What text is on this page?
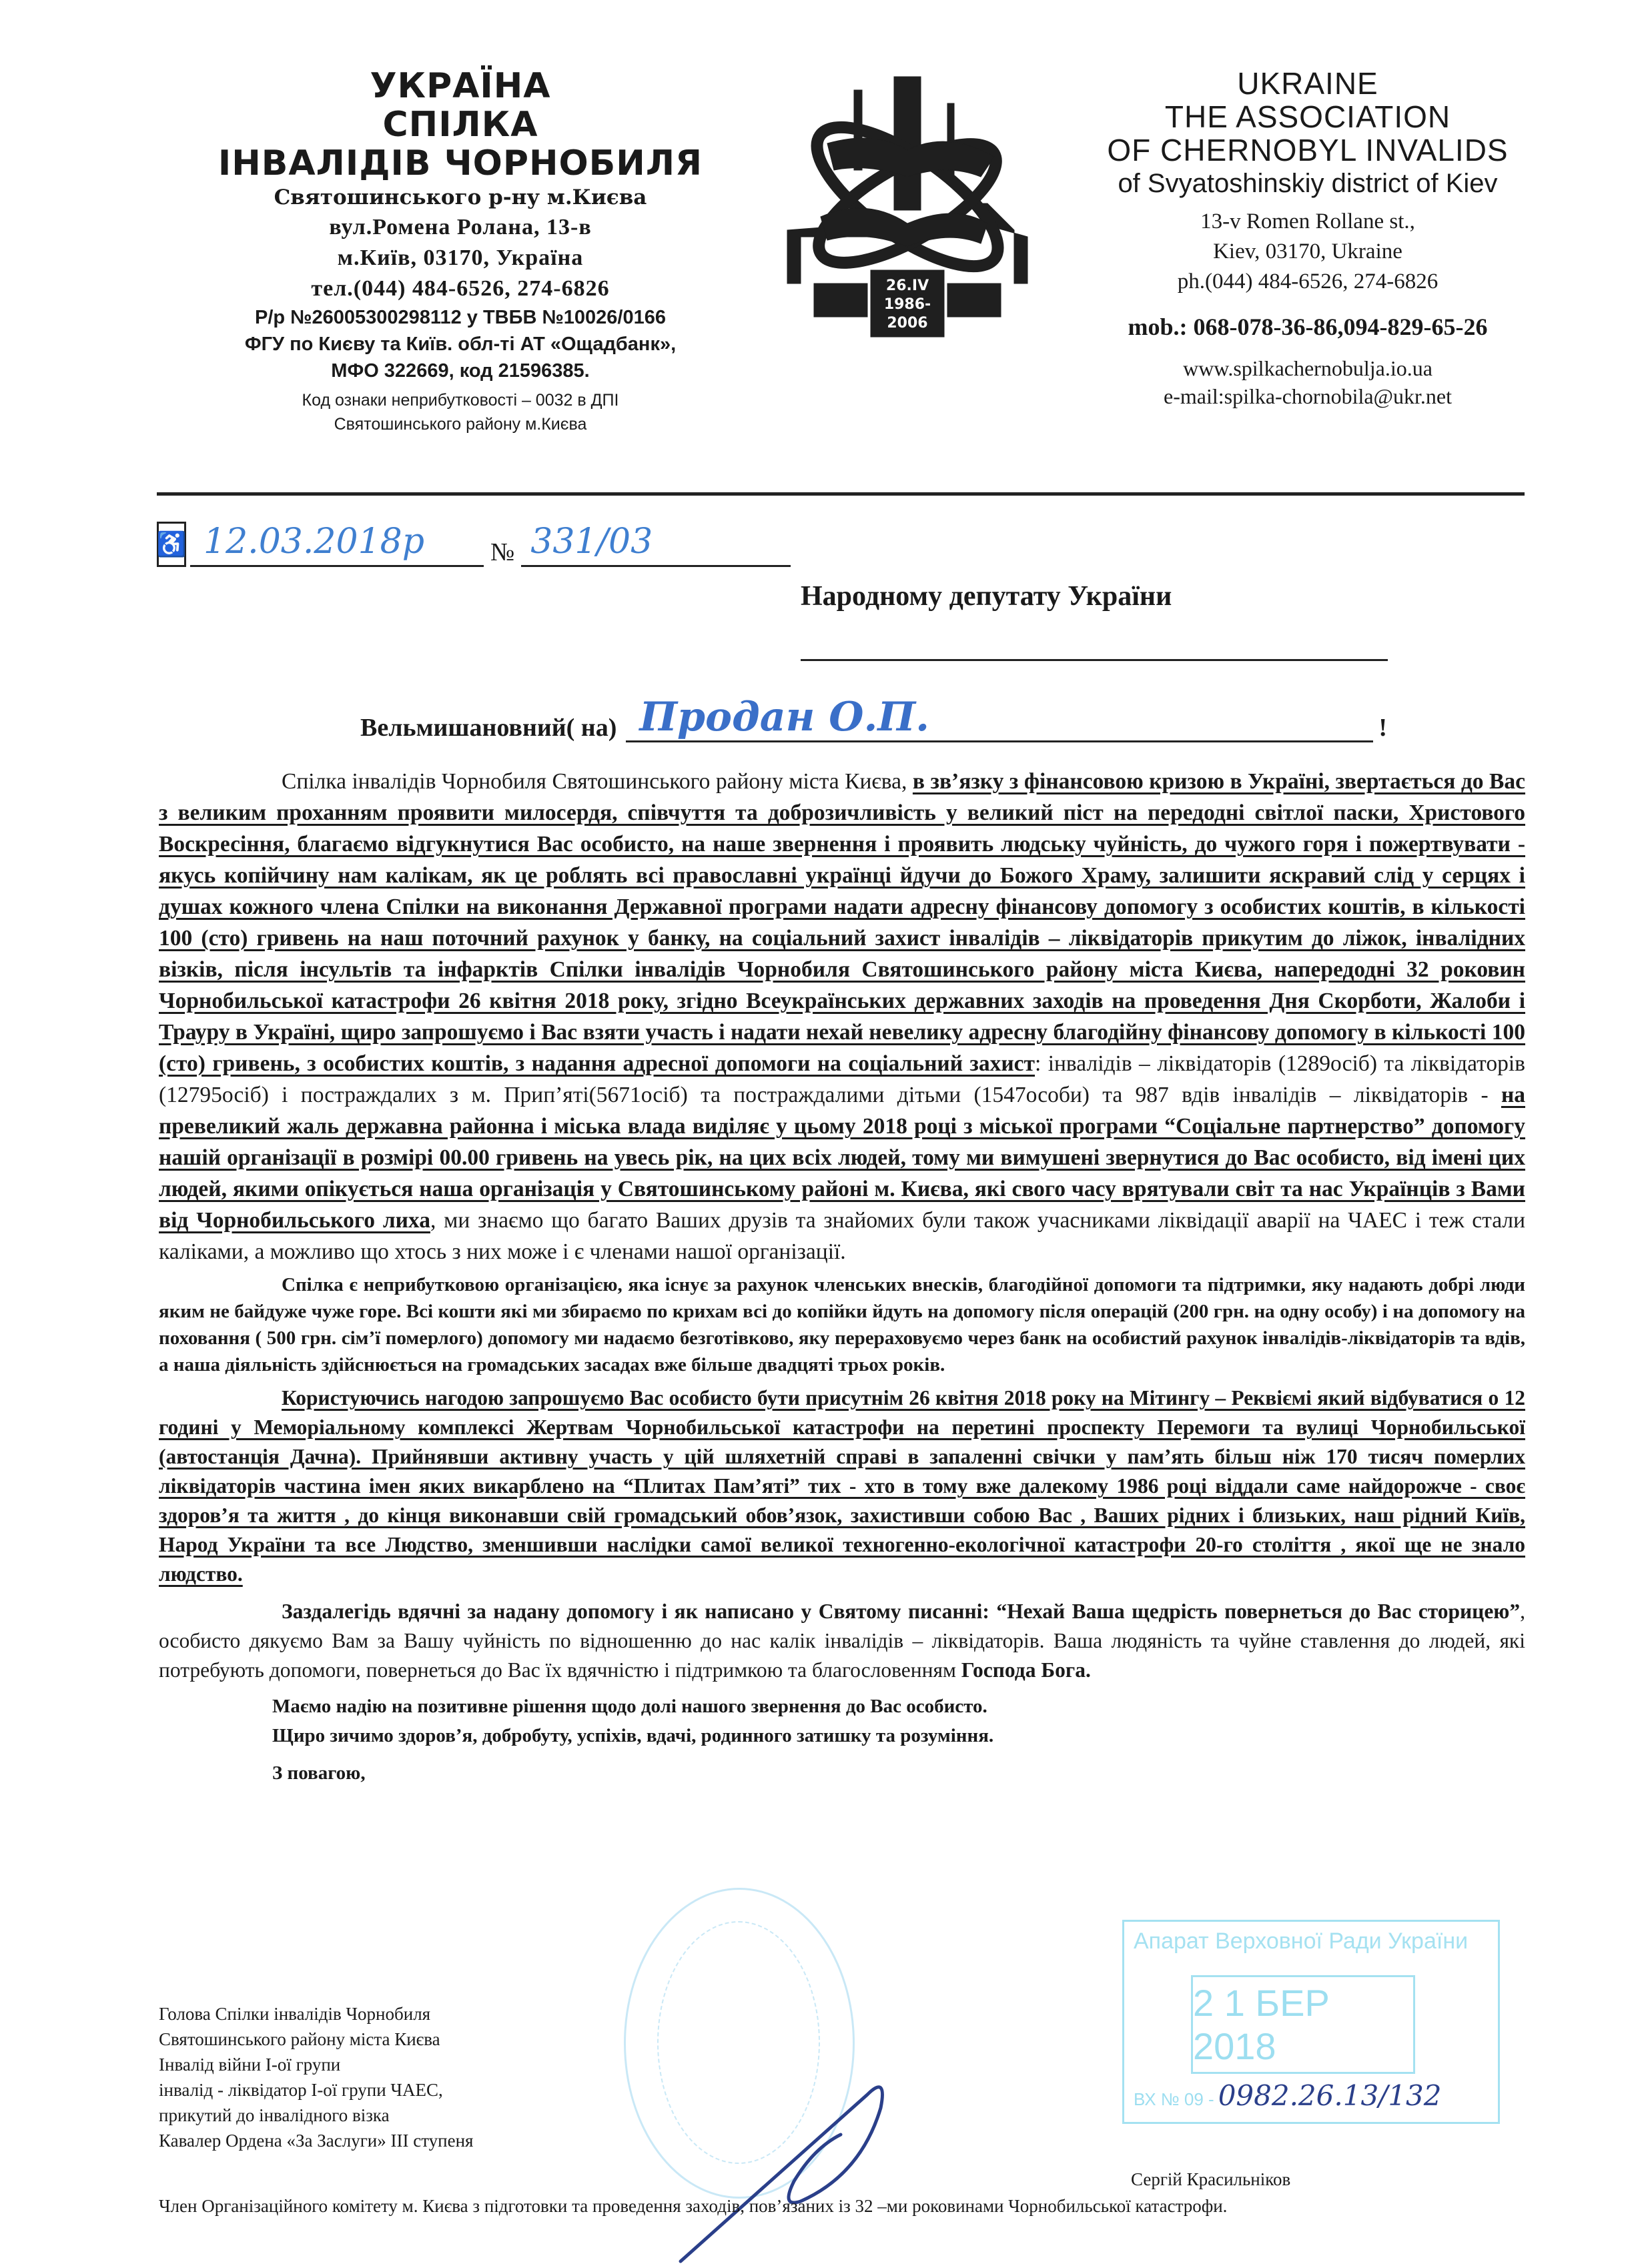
УКРАЇНА
СПІЛКА
ІНВАЛІДІВ ЧОРНОБИЛЯ
Святошинського р-ну м.Києва
вул.Ромена Ролана, 13-в
м.Київ, 03170, Україна
тел.(044) 484-6526, 274-6826
Р/р №26005300298112 у ТВБВ №10026/0166
ФГУ по Києву та Київ. обл-ті АТ «Ощадбанк»,
МФО 322669, код 21596385.
Код ознаки неприбутковості – 0032 в ДПІ
Святошинського району м.Києва
26.IV
1986-
2006
UKRAINE
THE ASSOCIATION
OF CHERNOBYL INVALIDS
of Svyatoshinskiy district of Kiev
13-v Romen Rollane st.,
Kiev, 03170, Ukraine
ph.(044) 484-6526, 274-6826
mob.: 068-078-36-86,094-829-65-26
www.spilkachernobulja.io.ua
e-mail:spilka-chornobila@ukr.net
♿ 12.03.2018р	№ 331/03
Народному депутату України
Вельмишановний( на) Продан О.П.	!

Спілка інвалідів Чорнобиля Святошинського району міста Києва, в зв’язку з фінансовою кризою в Україні, звертається до Вас з великим проханням проявити милосердя, співчуття та доброзичливість у великий піст на передодні світлої паски, Христового Воскресіння, благаємо відгукнутися Вас особисто, на наше звернення і проявить людську чуйність, до чужого горя і пожертвувати - якусь копійчину нам калікам, як це роблять всі православні українці йдучи до Божого Храму, залишити яскравий слід у серцях і душах кожного члена Спілки на виконання Державної програми надати адресну фінансову допомогу з особистих коштів, в кількості 100 (сто) гривень на наш поточний рахунок у банку, на соціальний захист інвалідів – ліквідаторів прикутим до ліжок, інвалідних візків, після інсультів та інфарктів Спілки інвалідів Чорнобиля Святошинського району міста Києва, напередодні 32 роковин Чорнобильської катастрофи 26 квітня 2018 року, згідно Всеукраїнських державних заходів на проведення Дня Скорботи, Жалоби і Трауру в Україні, щиро запрошуємо і Вас взяти участь і надати нехай невелику адресну благодійну фінансову допомогу в кількості 100 (сто) гривень, з особистих коштів, з надання адресної допомоги на соціальний захист: інвалідів – ліквідаторів (1289осіб) та ліквідаторів (12795осіб) і постраждалих з м. Прип’яті(5671осіб) та постраждалими дітьми (1547особи) та 987 вдів інвалідів – ліквідаторів - на превеликий жаль державна районна і міська влада виділяє у цьому 2018 році з міської програми “Соціальне партнерство” допомогу нашій організації в розмірі 00.00 гривень на увесь рік, на цих всіх людей, тому ми вимушені звернутися до Вас особисто, від імені цих людей, якими опікується наша організація у Святошинському районі м. Києва, які свого часу врятували світ та нас Українців з Вами від Чорнобильського лиха, ми знаємо що багато Ваших друзів та знайомих були також учасниками ліквідації аварії на ЧАЕС і теж стали каліками, а можливо що хтось з них може і є членами нашої організації.

Спілка є неприбутковою організацією, яка існує за рахунок членських внесків, благодійної допомоги та підтримки, яку надають добрі люди яким не байдуже чуже горе. Всі кошти які ми збираємо по крихам всі до копійки йдуть на допомогу після операцій (200 грн. на одну особу) і на допомогу на поховання ( 500 грн. сім’ї померлого) допомогу ми надаємо безготівково, яку перераховуємо через банк на особистий рахунок інвалідів-ліквідаторів та вдів, а наша діяльність здійснюється на громадських засадах вже більше двадцяті трьох років.

Користуючись нагодою запрошуємо Вас особисто бути присутнім 26 квітня 2018 року на Мітингу – Реквіємі який відбуватися о 12 годині у Меморіальному комплексі Жертвам Чорнобильської катастрофи на перетині проспекту Перемоги та вулиці Чорнобильської (автостанція Дачна). Прийнявши активну участь у цій шляхетній справі в запаленні свічки у пам’ять більш ніж 170 тисяч померлих ліквідаторів частина імен яких викарблено на “Плитах Пам’яті” тих - хто в тому вже далекому 1986 році віддали саме найдорожче - своє здоров’я та життя , до кінця виконавши свій громадський обов’язок, захистивши собою Вас , Ваших рідних і близьких, наш рідний Київ, Народ України та все Людство, зменшивши наслідки самої великої техногенно-екологічної катастрофи 20-го століття , якої ще не знало людство.

Заздалегідь вдячні за надану допомогу і як написано у Святому писанні: “Нехай Ваша щедрість повернеться до Вас сторицею”, особисто дякуємо Вам за Вашу чуйність по відношенню до нас калік інвалідів – ліквідаторів. Ваша людяність та чуйне ставлення до людей, які потребують допомоги, повернеться до Вас їх вдячністю і підтримкою та благословенням Господа Бога.

Маємо надію на позитивне рішення щодо долі нашого звернення до Вас особисто.
Щиро зичимо здоров’я, добробуту, успіхів, вдачі, родинного затишку та розуміння.
З повагою,
Голова Спілки інвалідів Чорнобиля
Святошинського району міста Києва
Інвалід війни І-ої групи
інвалід - ліквідатор І-ої групи ЧАЕС,
прикутий до інвалідного візка
Кавалер Ордена «За Заслуги» ІІІ ступеня
Сергій Красильніков
Член Організаційного комітету м. Києва з підготовки та проведення заходів, пов’язаних із 32 –ми роковинами Чорнобильської катастрофи.
Апарат Верховної Ради України
2 1 БЕР 2018
ВХ № 09 - 0982.26.13/132
